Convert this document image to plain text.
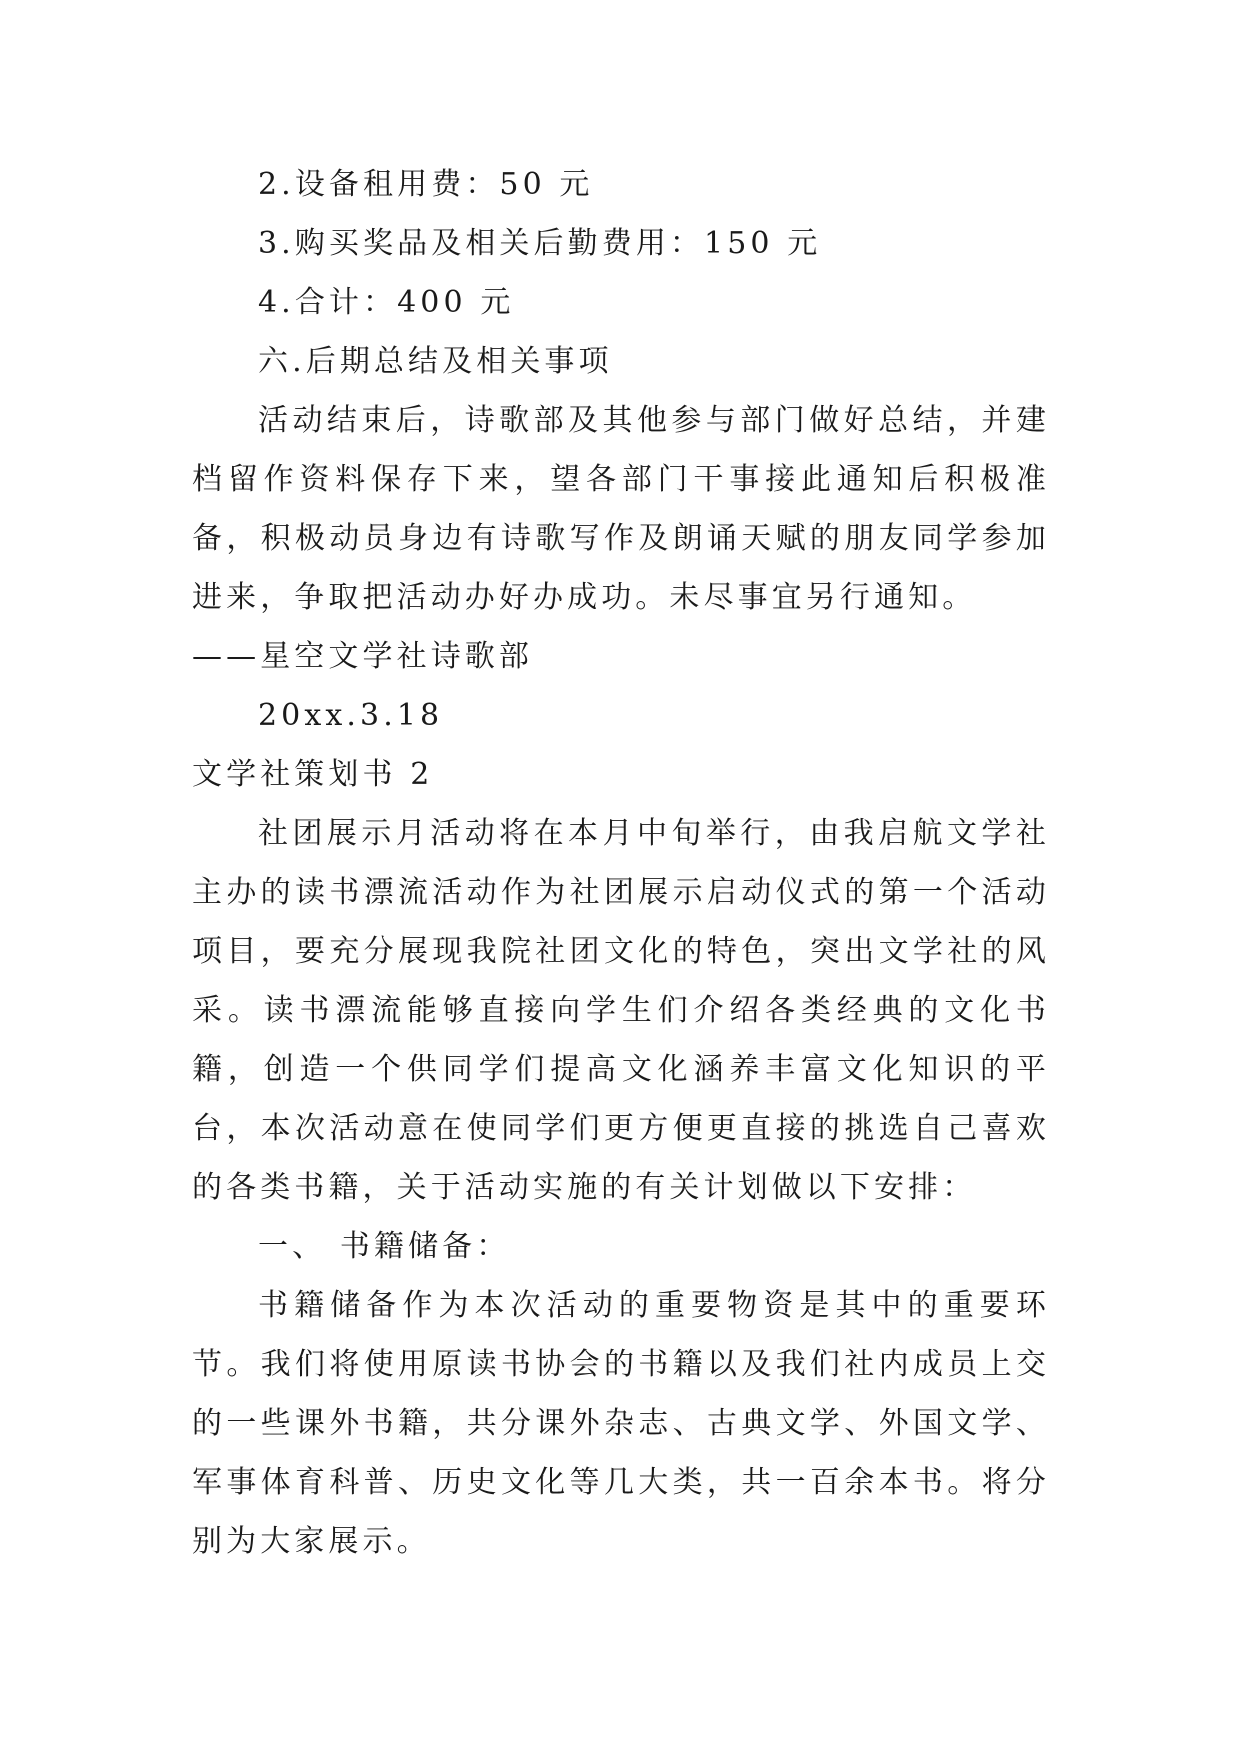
2.设备租用费：50 元
3.购买奖品及相关后勤费用：150 元
4.合计：400 元
六.后期总结及相关事项

活动结束后，诗歌部及其他参与部门做好总结，并建档留作资料保存下来，望各部门干事接此通知后积极准备，积极动员身边有诗歌写作及朗诵天赋的朋友同学参加进来，争取把活动办好办成功。未尽事宜另行通知。

——星空文学社诗歌部
20xx.3.18
文学社策划书 2

社团展示月活动将在本月中旬举行，由我启航文学社主办的读书漂流活动作为社团展示启动仪式的第一个活动项目，要充分展现我院社团文化的特色，突出文学社的风采。读书漂流能够直接向学生们介绍各类经典的文化书籍，创造一个供同学们提高文化涵养丰富文化知识的平台，本次活动意在使同学们更方便更直接的挑选自己喜欢的各类书籍，关于活动实施的有关计划做以下安排：

一、 书籍储备：

书籍储备作为本次活动的重要物资是其中的重要环节。我们将使用原读书协会的书籍以及我们社内成员上交的一些课外书籍，共分课外杂志、古典文学、外国文学、军事体育科普、历史文化等几大类，共一百余本书。将分别为大家展示。
